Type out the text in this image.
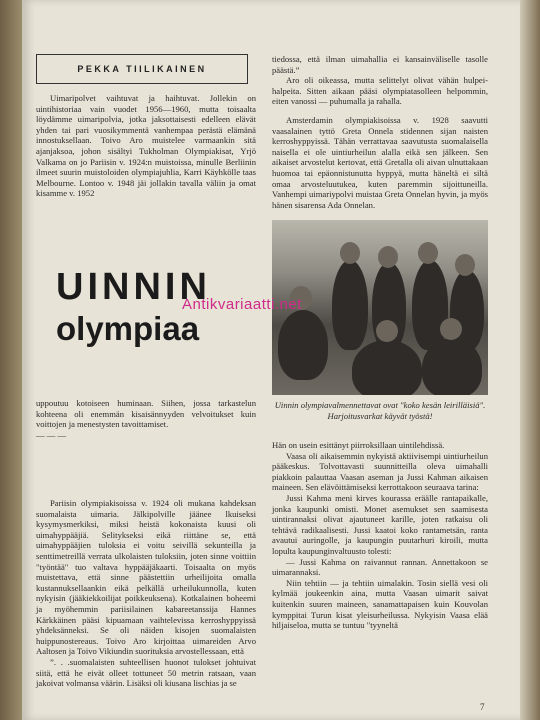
PEKKA TIILIKAINEN

Uimaripolvet vaihtuvat ja haihtuvat. Jollekin on uintihistoriaa vain vuodet 1956—1960, mutta toisaalta löydämme uimaripolvia, jotka jaksottaisesti edelleen elävät yhden tai pari vuosikymmentä vanhempaa perästä elämänä innostuksellaan. Toivo Aro muistelee varmaankin sitä ajanjaksoa, johon sisältyi Tukholman Olympiakisat, Yrjö Valkama on jo Pariisin v. 1924:n muistoissa, minulle Berliinin ilmeet suurin muistoloiden olympiajuhlia, Karri Käyhkölle taas Melbourne. Lontoo v. 1948 jäi jollakin tavalla väliin ja omat kisamme v. 1952

tiedossa, että ilman uimahallia ei kansainväliselle tasolle päästä.”

Aro oli oikeassa, mutta selittelyt olivat vähän hulpei-halpeita. Sitten aikaan pääsi olympiatasolleen helpommin, eiten vanossi — puhumalla ja rahalla.

Amsterdamin olympiakisoissa v. 1928 saavutti vaasalainen tyttö Greta Onnela stidennen sijan naisten kerroshyppyissä. Tähän verrattavaa saavutusta suomalaisella naisella ei ole uintiurheilun alalla eikä sen jälkeen. Sen aikaiset arvostelut kertovat, että Gretalla oli aivan ulnuttakaan huomoa tai epäonnistunutta hyppyä, mutta häneltä ei siltä omaa arvosteluutukea, kuten paremmin sijoittuneilla. Vanhempi uimariypolvi muistaa Greta Onnelan hyvin, ja myös hänen sisarensa Ada Onnelan.

UINNIN
olympiaa
Antikvariaatti.net
Uinnin olympiavalmennettavat ovat "koko kesän leirilläisiä". Harjoitusvarkat käyvät työstä!

uppoutuu kotoiseen huminaan. Siihen, jossa tarkastelun kohteena oli enemmän kisaisännyyden velvoitukset kuin voittojen ja menestysten tavoittamiset.

— — —

Hän on usein esittänyt piirroksillaan uintilehdissä.

Vaasa oli aikaisemmin nykyistä aktiivisempi uintiurheilun pääkeskus. Tolvottavasti suunnitteilla oleva uimahalli piakkoin palauttaa Vaasan aseman ja Jussi Kahman aikaisen maineen. Sen elävöittämiseksi kerrottakoon seuraava tarina:

Jussi Kahma meni kirves kourassa eräälle rantapaikalle, jonka kaupunki omisti. Monet asemukset sen saamisesta uintirannaksi olivat ajautuneet karille, joten ratkaisu oli tehtävä radikaalisesti. Jussi kaatoi koko rantametsän, ranta avautui auringolle, ja kaupungin puutarhuri kiroili, mutta lopulta kaupunginvaltuusto tolesti:

— Jussi Kahma on raivannut rannan. Annettakoon se uimarannaksi.

Niin tehtiin — ja tehtiin uimalakin. Tosin siellä vesi oli kylmää joukeenkin aina, mutta Vaasan uimarit saivat kuitenkin suuren maineen, sanamattapaisen kuin Kouvolan kymppitai Turun kisat yleisurheilussa. Nykyisin Vaasa elää hiljaiseloa, mutta se tuntuu "tyyneltä

Pariisin olympiakisoissa v. 1924 oli mukana kahdeksan suomalaista uimaria. Jälkipolville jäänee lkuiseksi kysymysmerkiksi, miksi heistä kokonaista kuusi oli uimahyppääjiä. Selitykseksi eikä riittäne se, että uimahyppääjien tuloksia ei voitu seivillä sekunteilla ja senttimetreillä verrata ulkolaisten tuloksiin, joten sinne voittiin "työntää" tuo valtava hyppääjäkaarti. Toisaalta on myös muistettava, että sinne päästettiin urheilijoita omalla kustannuksellaankin eikä pelkällä urheilukunnolla, kuten nykyisin (jääkiekkoilijat poikkeuksena). Kotkalainen boheemi ja myöhemmin pariisilainen kabareetanssija Hannes Kärkkäinen pääsi kipuamaan vaihtelevissa kerroshyppyissä yhdeksänneksi. Se oli näiden kisojen suomalaisten huippunostereaus. Toivo Aro kirjoittaa uimareiden Arvo Aaltosen ja Toivo Vikiundin suorituksia arvostellessaan, että

”. . .suomalaisten suhteellisen huonot tulokset johtuivat siitä, että he eivät olleet tottuneet 50 metrin ratsaan, vaan jakoivat volmansa väärin. Lisäksi oli kiusana lischias ja se

7
